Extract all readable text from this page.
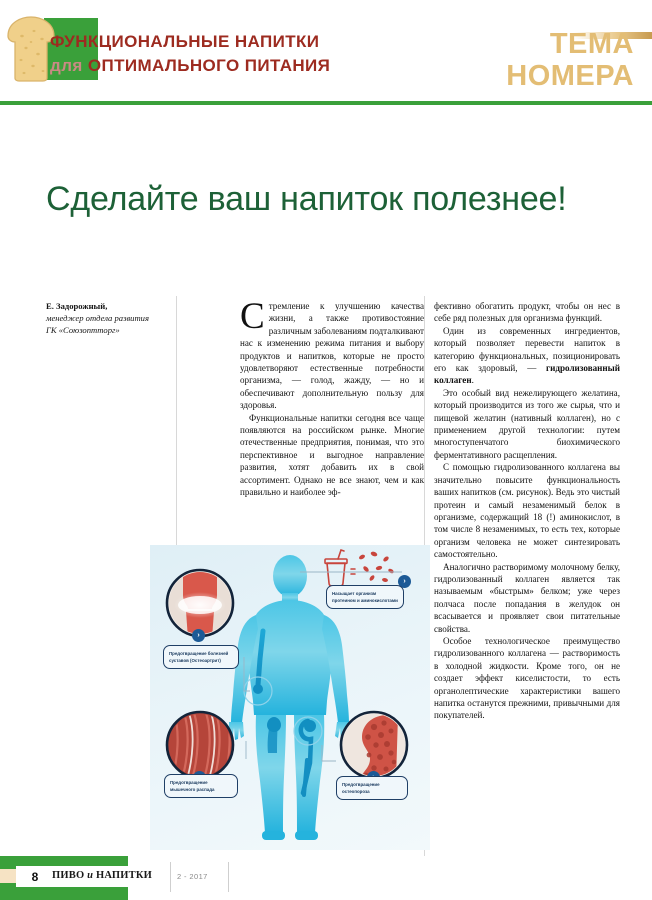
ФУНКЦИОНАЛЬНЫЕ НАПИТКИ
для ОПТИМАЛЬНОГО ПИТАНИЯ
ТЕМА
НОМЕРА
Сделайте ваш напиток полезнее!
Е. Задорожный,
менеджер отдела развития
ГК «Союзоптторг»	Стремление к улучшению качества жизни, а также противостояние различным заболеваниям подталкивают нас к изменению режима питания и выбору продуктов и напитков, которые не просто удовлетворяют естественные потребности организма, — голод, жажду, — но и обеспечивают дополнительную пользу для здоровья.

Функциональные напитки сегодня все чаще появляются на российском рынке. Многие отечественные предприятия, понимая, что это перспективное и выгодное направление развития, хотят добавить их в свой ассортимент. Однако не все знают, чем и как правильно и наиболее эф-

фективно обогатить продукт, чтобы он нес в себе ряд полезных для организма функций.

Один из современных ингредиентов, который позволяет перевести напиток в категорию функциональных, позиционировать его как здоровый, — гидролизованный коллаген.

Это особый вид нежелирующего желатина, который производится из того же сырья, что и пищевой желатин (нативный коллаген), но с применением другой технологии: путем многоступенчатого биохимического ферментативного расщепления.

С помощью гидролизованного коллагена вы значительно повысите функциональность ваших напитков (см. рисунок). Ведь это чистый протеин и самый незаменимый белок в организме, содержащий 18 (!) аминокислот, в том числе 8 незаменимых, то есть тех, которые организм человека не может синтезировать самостоятельно.

Аналогично растворимому молочному белку, гидролизованный коллаген является так называемым «быстрым» белком; уже через полчаса после попадания в желудок он всасывается и проявляет свои питательные свойства.

Особое технологическое преимущество гидролизованного коллагена — растворимость в холодной жидкости. Кроме того, он не создает эффект киселистости, то есть органолептические характеристики вашего напитка останутся прежними, привычными для покупателей.

›
›
Предотвращение болезней суставов (Остеоартрит)
Насыщает организм протеином и аминокислотами
Предотвращение мышечного распада
Предотвращение остеопороза
8	ПИВО и НАПИТКИ	2 - 2017
